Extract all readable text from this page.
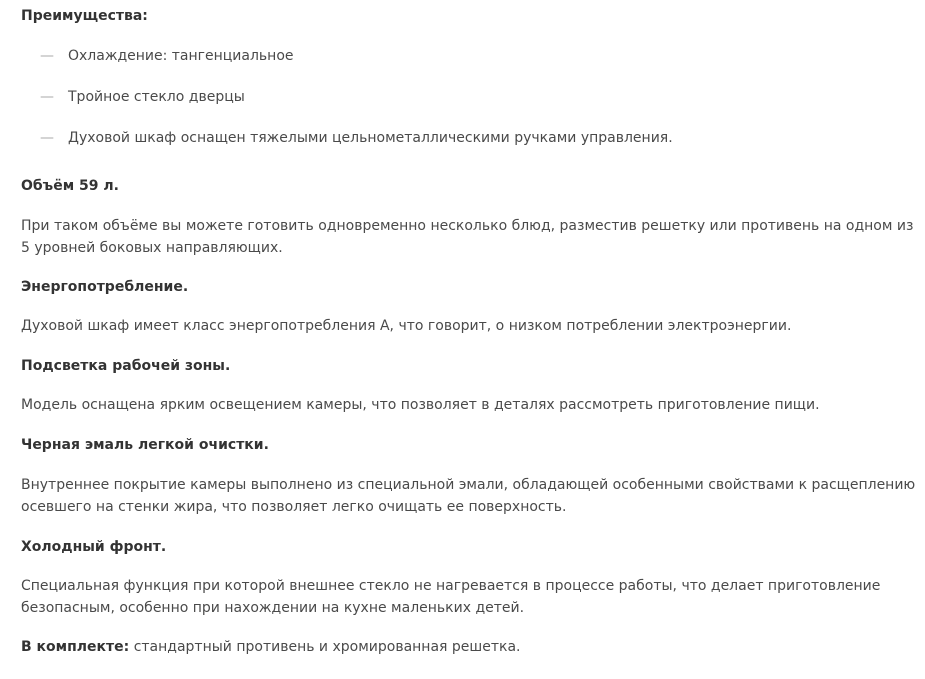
Преимущества:

— Охлаждение: тангенциальное
— Тройное стекло дверцы
— Духовой шкаф оснащен тяжелыми цельнометаллическими ручками управления.

Объём 59 л.

При таком объёме вы можете готовить одновременно несколько блюд, разместив решетку или противень на одном из 5 уровней боковых направляющих.

Энергопотребление.

Духовой шкаф имеет класс энергопотребления А, что говорит, о низком потреблении электроэнергии.

Подсветка рабочей зоны.

Модель оснащена ярким освещением камеры, что позволяет в деталях рассмотреть приготовление пищи.

Черная эмаль легкой очистки.

Внутреннее покрытие камеры выполнено из специальной эмали, обладающей особенными свойствами к расщеплению осевшего на стенки жира, что позволяет легко очищать ее поверхность.

Холодный фронт.

Специальная функция при которой внешнее стекло не нагревается в процессе работы, что делает приготовление безопасным, особенно при нахождении на кухне маленьких детей.

В комплекте: стандартный противень и хромированная решетка.
